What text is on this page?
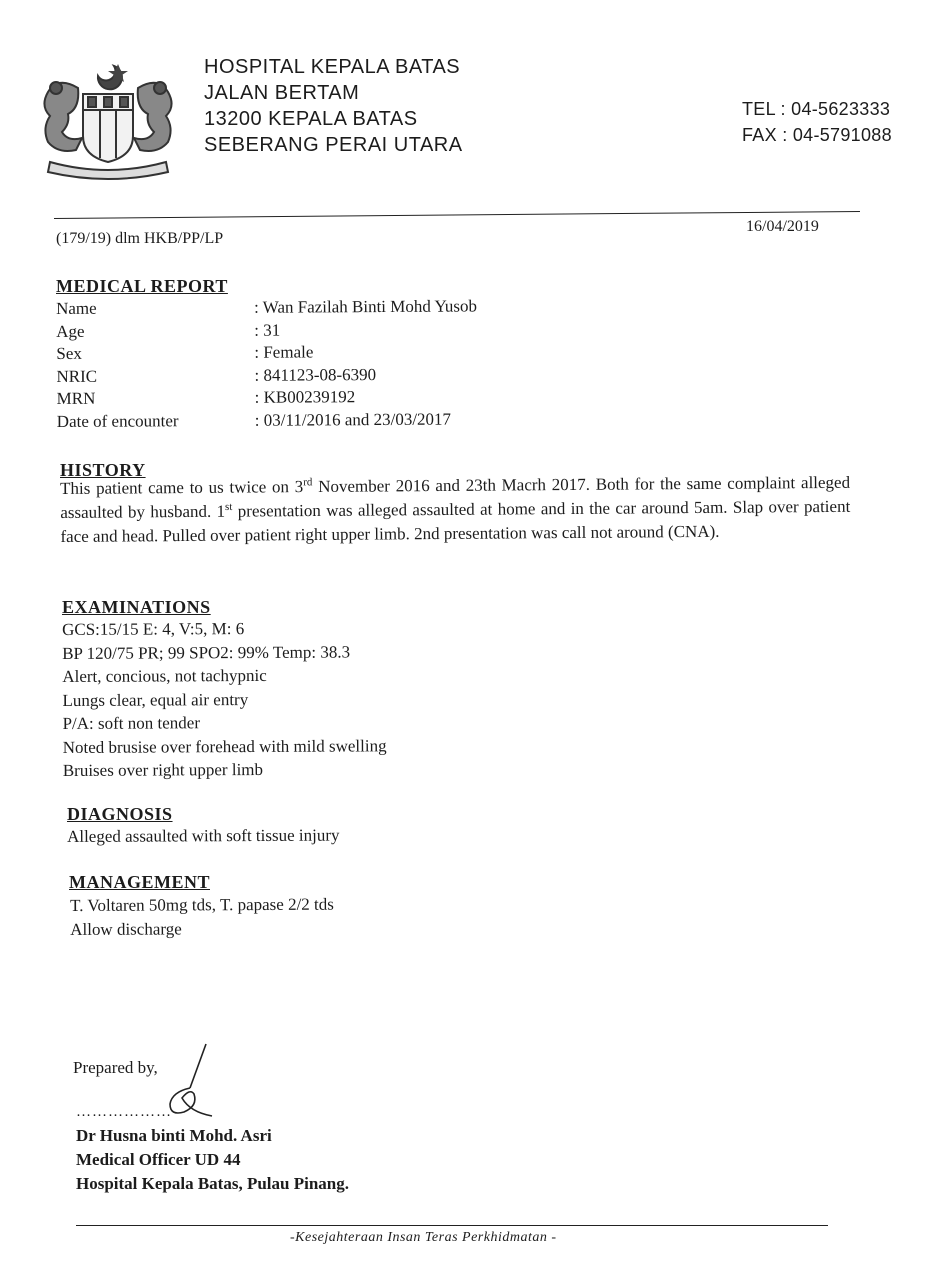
HOSPITAL KEPALA BATAS
JALAN BERTAM
13200 KEPALA BATAS
SEBERANG PERAI UTARA
TEL : 04-5623333
FAX : 04-5791088
(179/19) dlm HKB/PP/LP
16/04/2019
MEDICAL REPORT
Name	: Wan Fazilah Binti Mohd Yusob
Age	: 31
Sex	: Female
NRIC	: 841123-08-6390
MRN	: KB00239192
Date of encounter	: 03/11/2016 and 23/03/2017
HISTORY
This patient came to us twice on 3rd November 2016 and 23th Macrh 2017. Both for the same complaint alleged assaulted by husband. 1st presentation was alleged assaulted at home and in the car around 5am. Slap over patient face and head. Pulled over patient right upper limb. 2nd presentation was call not around (CNA).
EXAMINATIONS
GCS:15/15 E: 4, V:5, M: 6
BP 120/75 PR; 99 SPO2: 99% Temp: 38.3
Alert, concious, not tachypnic
Lungs clear, equal air entry
P/A: soft non tender
Noted brusise over forehead with mild swelling
Bruises over right upper limb
DIAGNOSIS
Alleged assaulted with soft tissue injury
MANAGEMENT
T. Voltaren 50mg tds, T. papase 2/2 tds
Allow discharge
Prepared by,
………………
Dr Husna binti Mohd. Asri
Medical Officer UD 44
Hospital Kepala Batas, Pulau Pinang.
-Kesejahteraan Insan Teras Perkhidmatan -
